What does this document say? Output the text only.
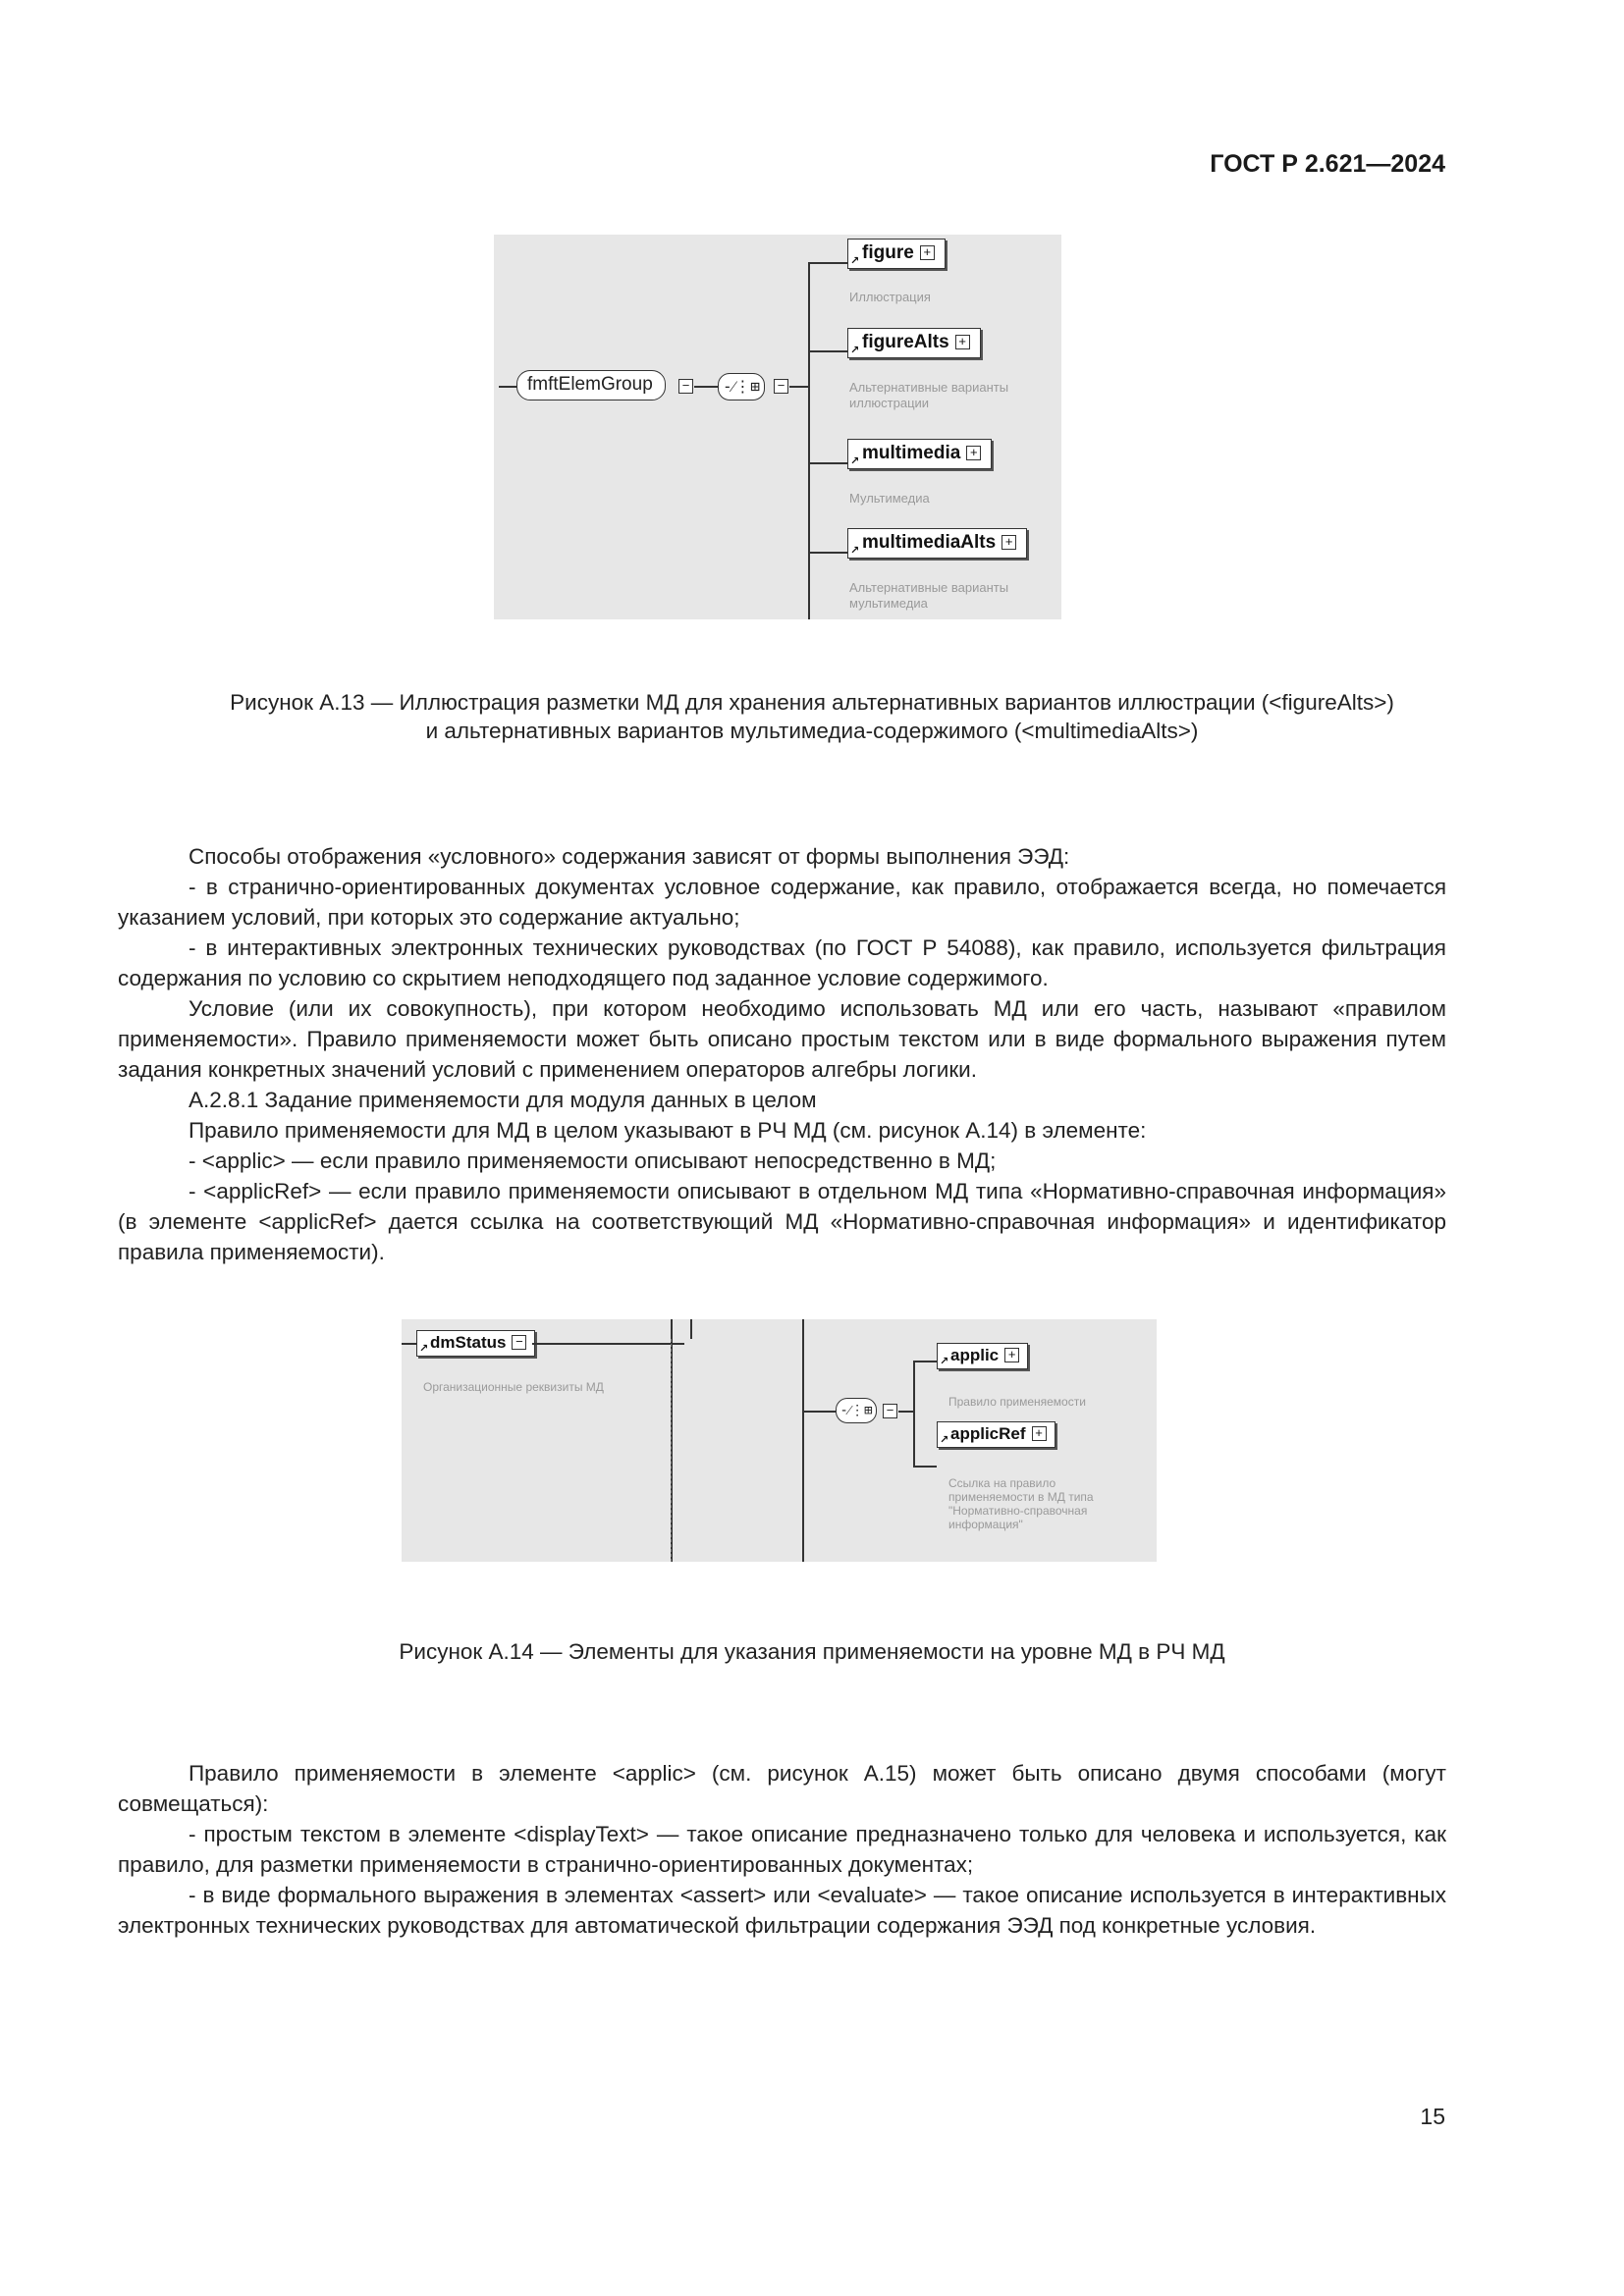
ГОСТ Р 2.621—2024
fmftElemGroup	−	-⁄⋮⊞	−
↗ figure +
Иллюстрация
↗ figureAlts +
Альтернативные варианты иллюстрации
↗ multimedia +
Мультимедиа
↗ multimediaAlts +
Альтернативные варианты мультимедиа
Рисунок А.13 — Иллюстрация разметки МД для хранения альтернативных вариантов иллюстрации (<figureAlts>)
и альтернативных вариантов мультимедиа-содержимого (<multimediaAlts>)

Способы отображения «условного» содержания зависят от формы выполнения ЭЭД:

- в странично-ориентированных документах условное содержание, как правило, отображается всегда, но помечается указанием условий, при которых это содержание актуально;

- в интерактивных электронных технических руководствах (по ГОСТ Р 54088), как правило, используется фильтрация содержания по условию со скрытием неподходящего под заданное условие содержимого.

Условие (или их совокупность), при котором необходимо использовать МД или его часть, называют «правилом применяемости». Правило применяемости может быть описано простым текстом или в виде формального выражения путем задания конкретных значений условий с применением операторов алгебры логики.

А.2.8.1 Задание применяемости для модуля данных в целом

Правило применяемости для МД в целом указывают в РЧ МД (см. рисунок А.14) в элементе:

- <applic> — если правило применяемости описывают непосредственно в МД;

- <applicRef> — если правило применяемости описывают в отдельном МД типа «Нормативно-справочная информация» (в элементе <applicRef> дается ссылка на соответствующий МД «Нормативно-справочная информация» и идентификатор правила применяемости).

↗ dmStatus −
Организационные реквизиты МД
-⁄⋮⊞	−
↗ applic +
Правило применяемости
↗ applicRef +
Ссылка на правило применяемости в МД типа "Нормативно-справочная информация"
Рисунок А.14 — Элементы для указания применяемости на уровне МД в РЧ МД

Правило применяемости в элементе <applic> (см. рисунок А.15) может быть описано двумя способами (могут совмещаться):

- простым текстом в элементе <displayText> — такое описание предназначено только для человека и используется, как правило, для разметки применяемости в странично-ориентированных документах;

- в виде формального выражения в элементах <assert> или <evaluate> — такое описание используется в интерактивных электронных технических руководствах для автоматической фильтрации содержания ЭЭД под конкретные условия.

15
